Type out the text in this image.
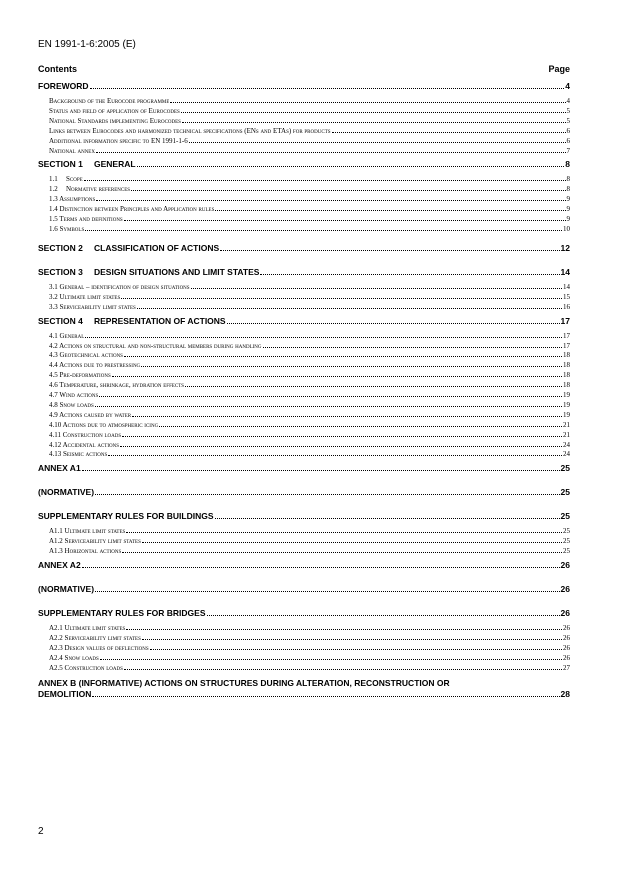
EN 1991-1-6:2005 (E)
Contents	Page
FOREWORD	4
Background of the Eurocode programme	4
Status and field of application of Eurocodes	5
National Standards implementing Eurocodes	5
Links between Eurocodes and harmonized technical specifications (ENs and ETAs) for products	6
Additional information specific to EN 1991-1-6	6
National annex	7
SECTION 1 GENERAL	8
1.1 Scope	8
1.2 Normative references	8
1.3 Assumptions	9
1.4 Distinction between Principles and Application rules	9
1.5 Terms and definitions	9
1.6 Symbols	10
SECTION 2 CLASSIFICATION OF ACTIONS	12
SECTION 3 DESIGN SITUATIONS AND LIMIT STATES	14
3.1 General – identification of design situations	14
3.2 Ultimate limit states	15
3.3 Serviceability limit states	16
SECTION 4 REPRESENTATION OF ACTIONS	17
4.1 General	17
4.2 Actions on structural and non-structural members during handling	17
4.3 Geotechnical actions	18
4.4 Actions due to prestressing	18
4.5 Pre-deformations	18
4.6 Temperature, shrinkage, hydration effects	18
4.7 Wind actions	19
4.8 Snow loads	19
4.9 Actions caused by water	19
4.10 Actions due to atmospheric icing	21
4.11 Construction loads	21
4.12 Accidental actions	24
4.13 Seismic actions	24
ANNEX A1	25
(NORMATIVE)	25
SUPPLEMENTARY RULES FOR BUILDINGS	25
A1.1 Ultimate limit states	25
A1.2 Serviceability limit states	25
A1.3 Horizontal actions	25
ANNEX A2	26
(NORMATIVE)	26
SUPPLEMENTARY RULES FOR BRIDGES	26
A2.1 Ultimate limit states	26
A2.2 Serviceability limit states	26
A2.3 Design values of deflections	26
A2.4 Snow loads	26
A2.5 Construction loads	27
ANNEX B (INFORMATIVE) ACTIONS ON STRUCTURES DURING ALTERATION, RECONSTRUCTION OR
DEMOLITION	28
2
